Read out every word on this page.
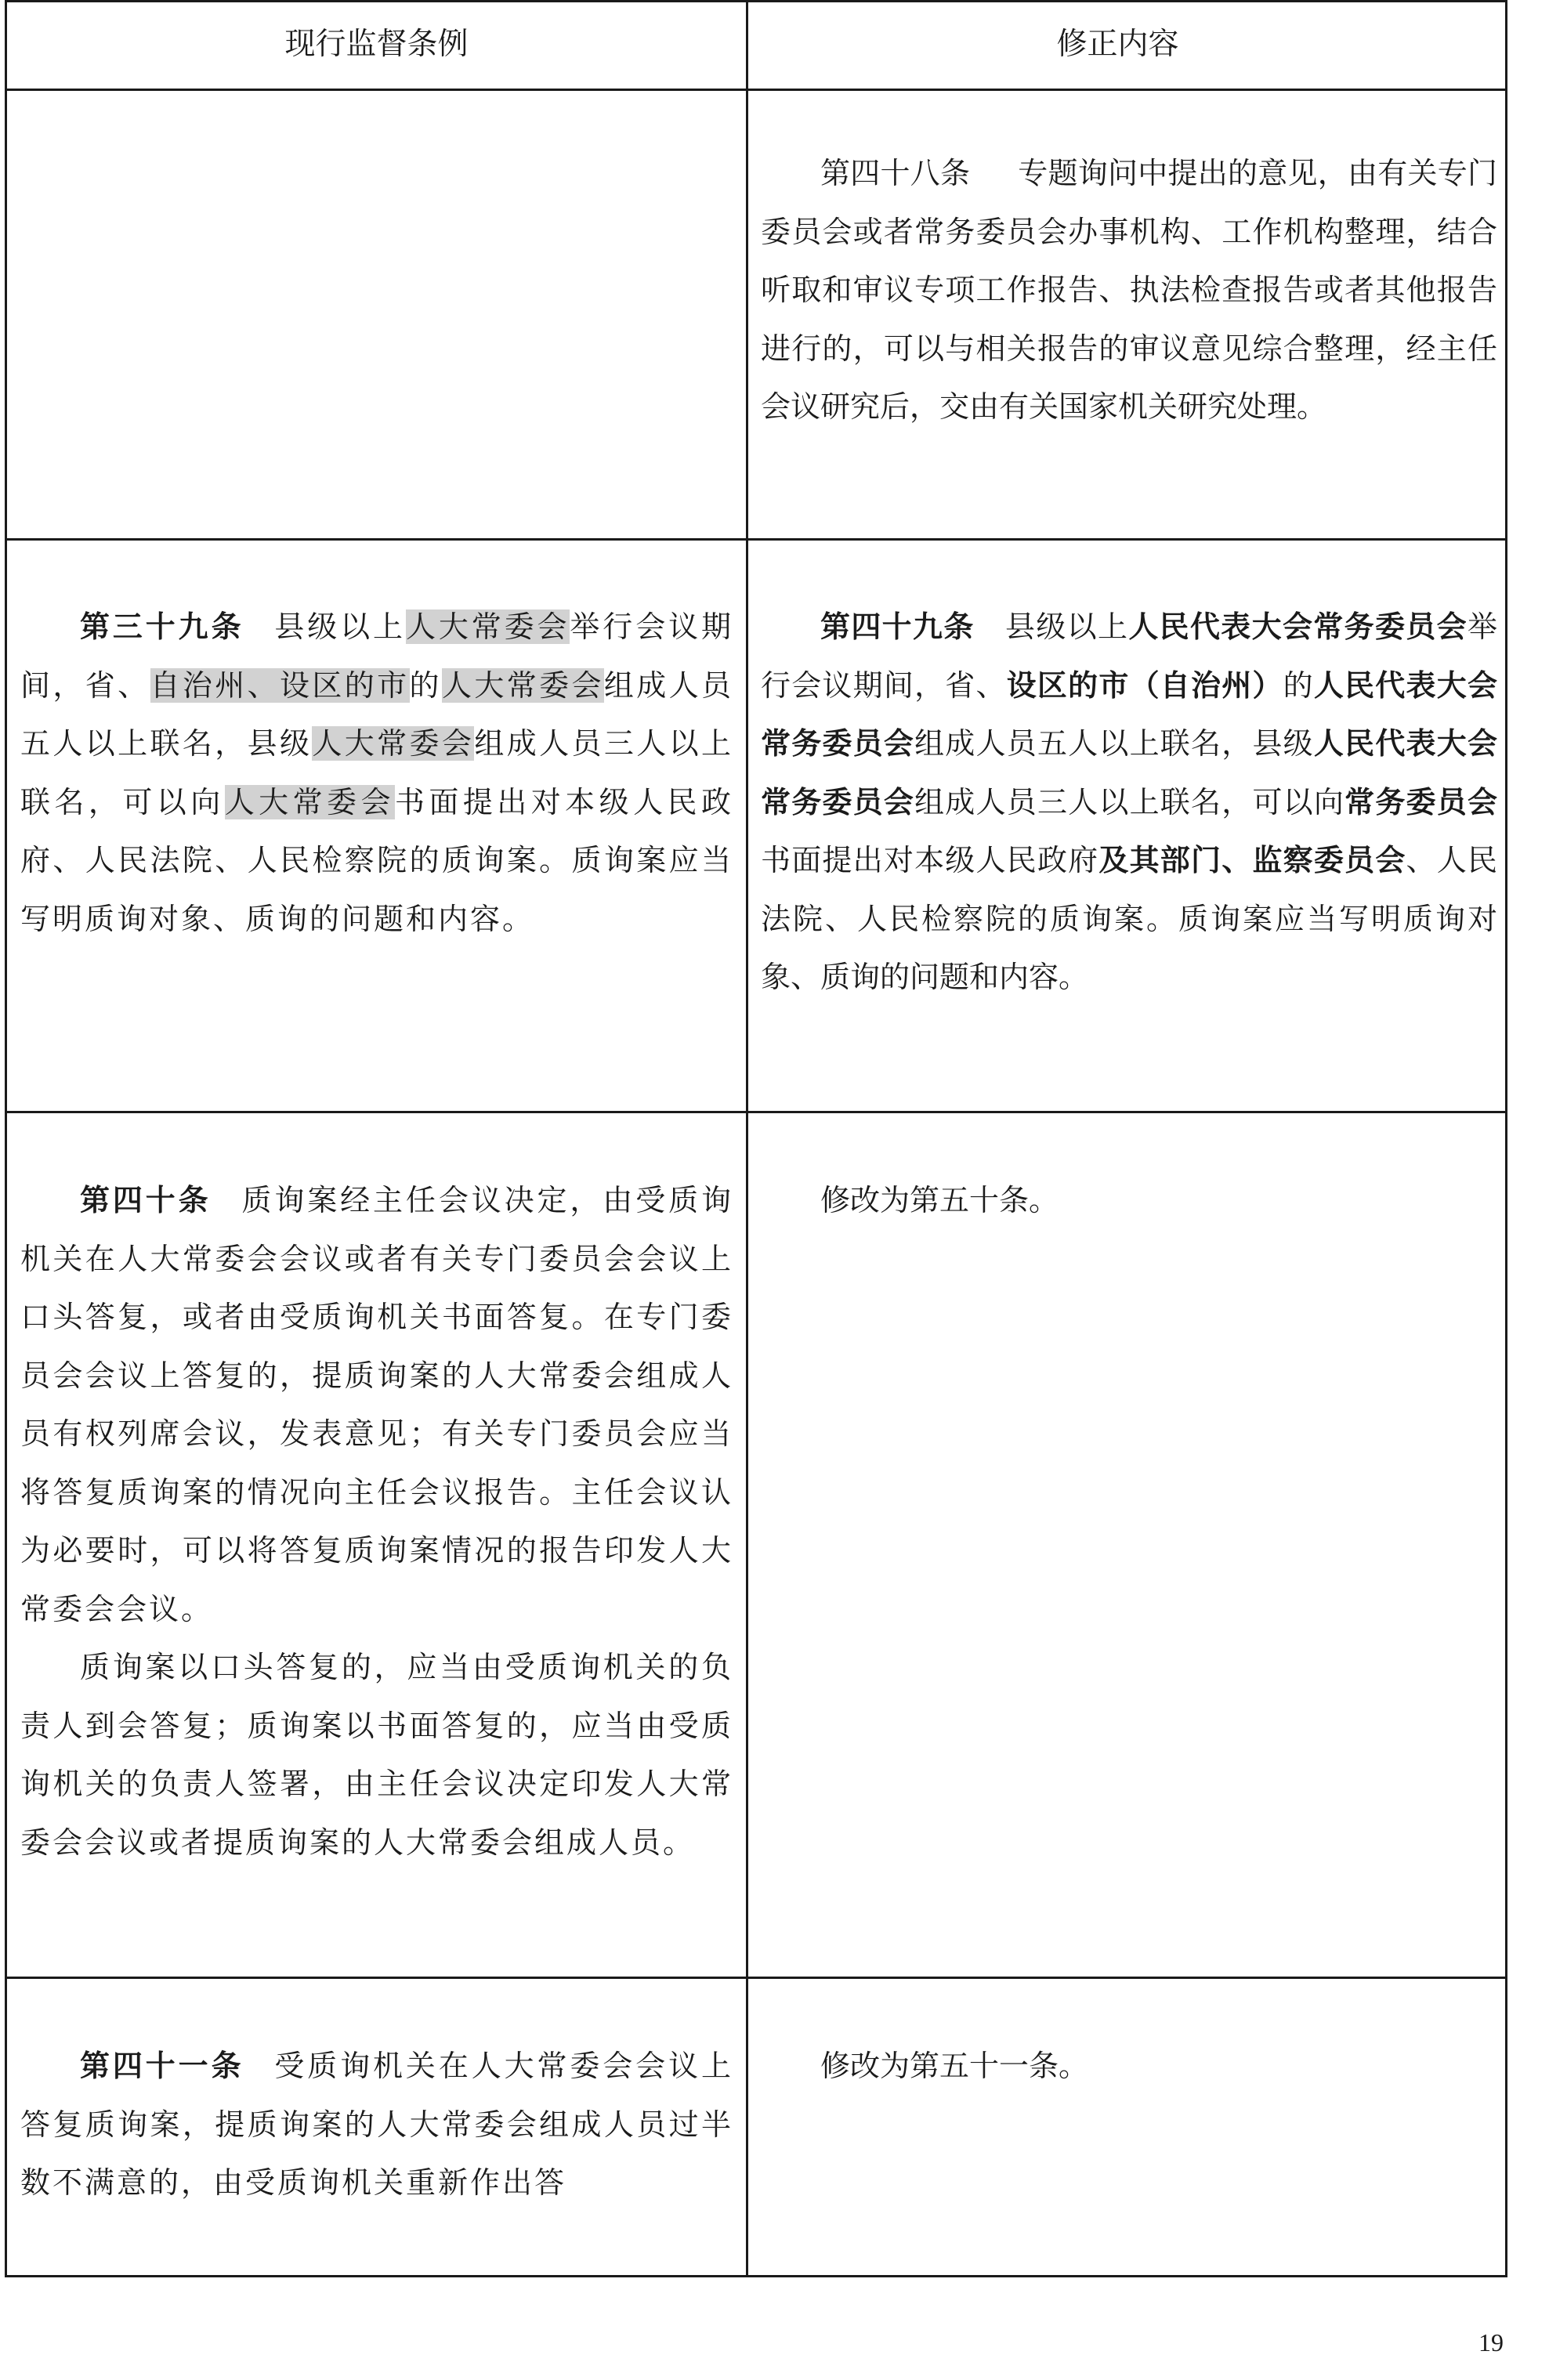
现行监督条例	修正内容

第四十八条 专题询问中提出的意见，由有关专门委员会或者常务委员会办事机构、工作机构整理，结合听取和审议专项工作报告、执法检查报告或者其他报告进行的，可以与相关报告的审议意见综合整理，经主任会议研究后，交由有关国家机关研究处理。

第三十九条 县级以上人大常委会举行会议期间，省、自治州、设区的市的人大常委会组成人员五人以上联名，县级人大常委会组成人员三人以上联名，可以向人大常委会书面提出对本级人民政府、人民法院、人民检察院的质询案。质询案应当写明质询对象、质询的问题和内容。

第四十九条 县级以上人民代表大会常务委员会举行会议期间，省、设区的市（自治州）的人民代表大会常务委员会组成人员五人以上联名，县级人民代表大会常务委员会组成人员三人以上联名，可以向常务委员会书面提出对本级人民政府及其部门、监察委员会、人民法院、人民检察院的质询案。质询案应当写明质询对象、质询的问题和内容。

第四十条 质询案经主任会议决定，由受质询机关在人大常委会会议或者有关专门委员会会议上口头答复，或者由受质询机关书面答复。在专门委员会会议上答复的，提质询案的人大常委会组成人员有权列席会议，发表意见；有关专门委员会应当将答复质询案的情况向主任会议报告。主任会议认为必要时，可以将答复质询案情况的报告印发人大常委会会议。

质询案以口头答复的，应当由受质询机关的负责人到会答复；质询案以书面答复的，应当由受质询机关的负责人签署，由主任会议决定印发人大常委会会议或者提质询案的人大常委会组成人员。

修改为第五十条。

第四十一条 受质询机关在人大常委会会议上答复质询案，提质询案的人大常委会组成人员过半数不满意的，由受质询机关重新作出答

修改为第五十一条。

19
